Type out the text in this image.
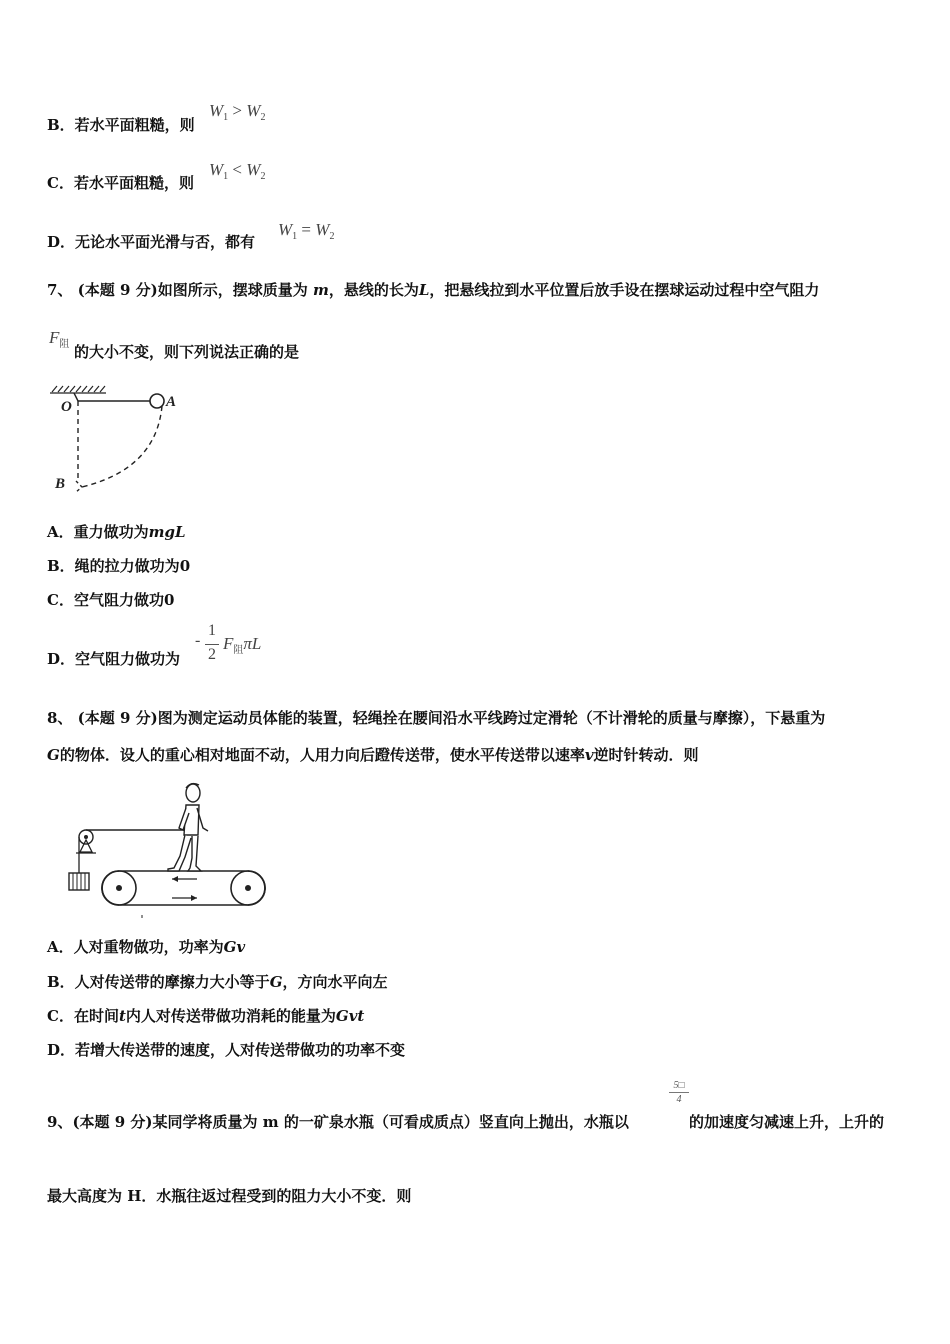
B．若水平面粗糙，则
$W_1 > W_2$
C．若水平面粗糙，则
$W_1 < W_2$
D．无论水平面光滑与否，都有
$W_1 = W_2$
7、 (本题 9 分)如图所示，摆球质量为 m，悬线的长为L，把悬线拉到水平位置后放手设在摆球运动过程中空气阻力
$F_阻$ 的大小不变，则下列说法正确的是
O	A
B
A．重力做功为mgL
B．绳的拉力做功为0
C．空气阻力做功0
D．空气阻力做功为
-
1
2
$F_阻\pi L$
8、 (本题 9 分)图为测定运动员体能的装置，轻绳拴在腰间沿水平线跨过定滑轮（不计滑轮的质量与摩擦），下悬重为
G的物体．设人的重心相对地面不动，人用力向后蹬传送带，使水平传送带以速率v逆时针转动．则
A．人对重物做功，功率为Gv
B．人对传送带的摩擦力大小等于G，方向水平向左
C．在时间t内人对传送带做功消耗的能量为Gvt
D．若增大传送带的速度，人对传送带做功的功率不变
9、(本题 9 分)某同学将质量为 m 的一矿泉水瓶（可看成质点）竖直向上抛出，水瓶以
5□
4
的加速度匀减速上升，上升的
最大高度为 H．水瓶往返过程受到的阻力大小不变．则
